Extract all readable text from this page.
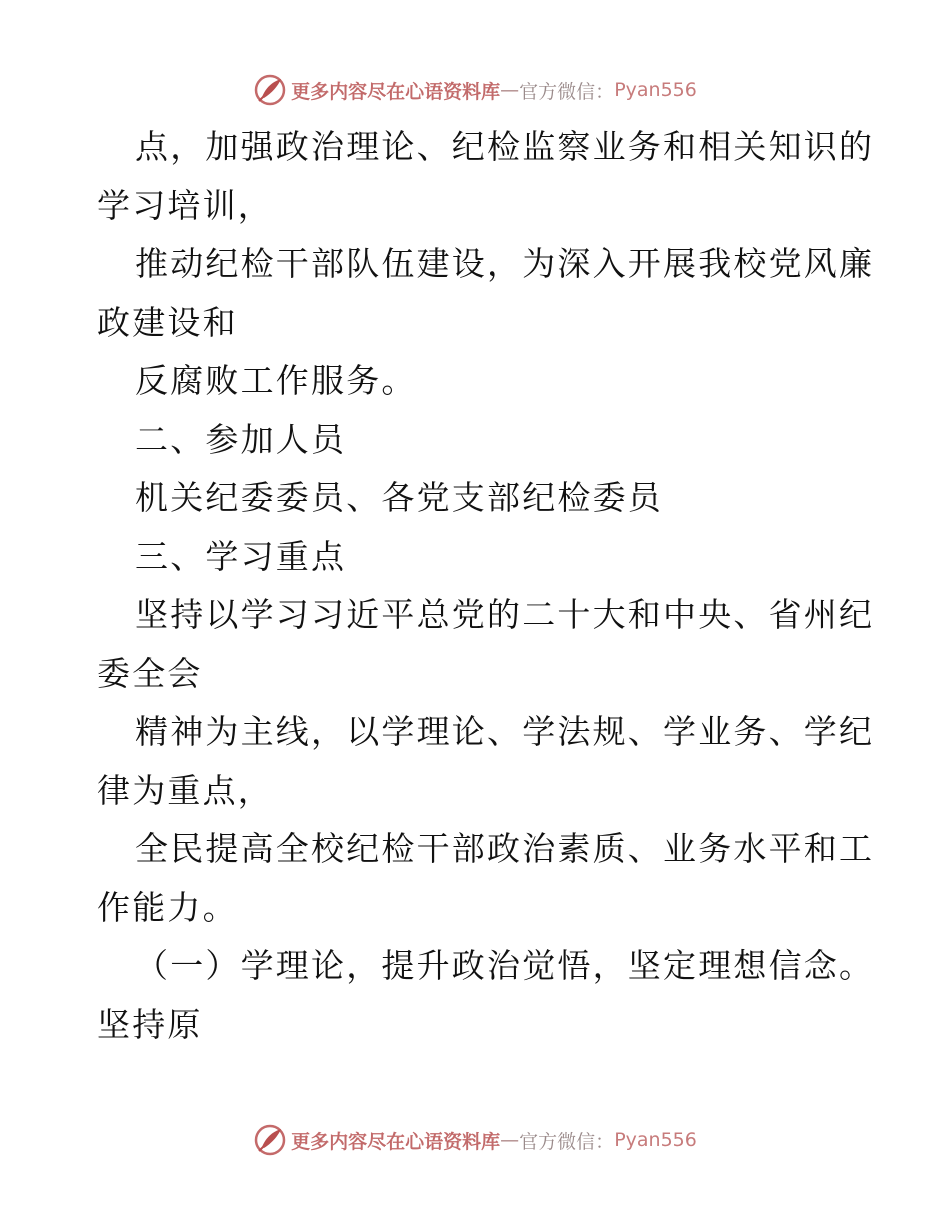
更多内容尽在心语资料库 — 官方微信： Pyan556
点，加强政治理论、纪检监察业务和相关知识的
学习培训，
推动纪检干部队伍建设，为深入开展我校党风廉
政建设和
反腐败工作服务。
二、参加人员
机关纪委委员、各党支部纪检委员
三、学习重点
坚持以学习习近平总党的二十大和中央、省州纪
委全会
精神为主线，以学理论、学法规、学业务、学纪
律为重点，
全民提高全校纪检干部政治素质、业务水平和工
作能力。
（一）学理论，提升政治觉悟，坚定理想信念。
坚持原
更多内容尽在心语资料库 — 官方微信： Pyan556
